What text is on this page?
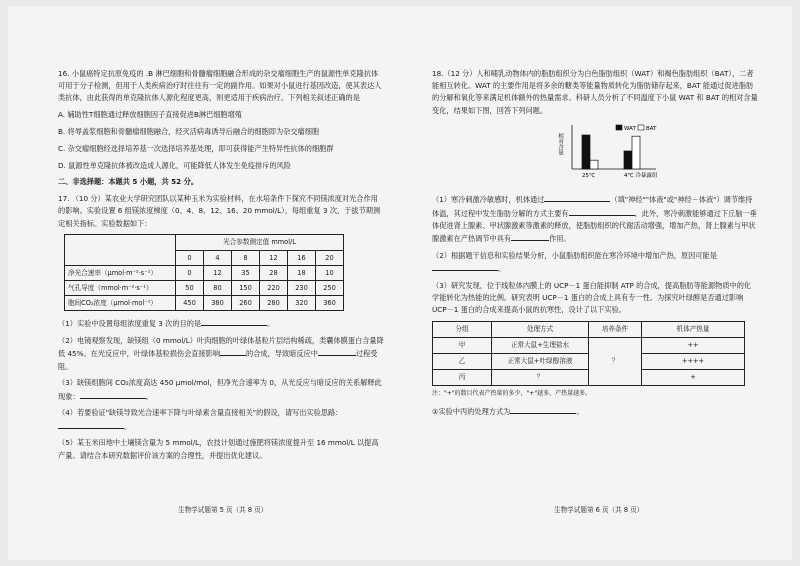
16. 小鼠癌特定抗原免疫的 .B 淋巴细胞和骨髓瘤细胞融合形成的杂交瘤细胞生产的鼠源性单克隆抗体可用于分子检测，但用于人类疾病治疗时往往有一定的副作用。如果对小鼠进行基因改造，使其表达人类抗体，由此获得的单克隆抗体人源化程度更高，则更适用于疾病治疗。下列相关叙述正确的是

A. 辅助性T细胞通过释放细胞因子直接促进B淋巴细胞增殖

B. 将辱盖浆细胞和骨髓瘤细胞融合，经灭活病毒诱导后融合的细胞即为杂交瘤细胞

C. 杂交瘤细胞经选择培养基一次选择培养基处理，即可获得能产生特异性抗体的细胞群

D. 鼠源性单克隆抗体被改造成人源化，可能降低人体发生免疫排斥的风险

二、非选择题：本题共 5 小题，共 52 分。

17. （10 分）某农业大学研究团队以某种玉米为实验材料，在水培条件下探究不同镁浓度对光合作用的影响。实验设置 6 组镁浓度梯度（0、4、8、12、16、20 mmol/L），每组重复 3 次，于拔节期测定相关指标。实验数据如下：

	光合参数测定值 mmol/L					
	0	4	8	12	16	20
净光合速率（μmol·m⁻²·s⁻¹）	0	12	35	28	18	10
气孔导度（mmol·m⁻²·s⁻¹）	50	80	150	220	230	250
胞间CO₂浓度（μmol·mol⁻¹）	450	380	260	280	320	360

（1）实验中设置每组浓度重复 3 次的目的是	。

（2）电镜观察发现，缺镁组（0 mmol/L）叶肉细胞的叶绿体基粒片层结构稀疏，类囊体膜蛋白含量降低 45%。在光反应中，叶绿体基粒损伤会直接影响	的合成，导致暗反应中	过程受阻。

（3）缺镁组胞间 CO₂浓度高达 450 μmol/mol，但净光合速率为 0，从光反应与暗反应的关系解释此现象：	。

（4）若要验证"缺镁导致光合速率下降与叶绿素含量直接相关"的假设，请写出实验思路：。

（5）某玉米田地中土壤镁含量为 5 mmol/L，农技计划通过施肥将镁浓度提升至 16 mmol/L 以提高产量。请结合本研究数据评价该方案的合理性，并提出优化建议。

生物学试题第 5 页（共 8 页）

18.（12 分）人和哺乳动物体内的脂肪组织分为白色脂肪组织（WAT）和褐色脂肪组织（BAT），二者能相互转化。WAT 的主要作用是将多余的糖类等能量物质转化为脂肪储存起来，BAT 能通过促进脂肪的分解和氧化等来满足机体额外的热量需求。科研人员分析了不同温度下小鼠 WAT 和 BAT 的相对含量变化，结果如下图，回答下列问题。

相对含量
25℃	4℃ 冷暴露组
WAT BAT

（1）寒冷刺激冷敏感时，机体通过	（填"神经""体液"或"神经－体液"）调节维持体温，其过程中发生脂肪分解的方式主要有	。此外，寒冷刺激能够通过下丘脑一垂体促进肾上腺素、甲状腺激素等激素的释放，使脂肪组织的代谢活动增强，增加产热，肾上腺素与甲状腺激素在产热调节中具有	作用。

（2）根据题干信息和实验结果分析，小鼠脂肪组织能在寒冷环境中增加产热，原因可能是。

（3）研究发现，位于线粒体内膜上的 UCP－1 蛋白能抑制 ATP 的合成，提高脂肪等能源物质中的化学能转化为热能的比例。研究表明 UCP－1 蛋白的合成上具有专一性。为探究叶绿醇是否通过影响 UCP－1 蛋白的合成来提高小鼠的抗寒性，设计了以下实验。

分组	处理方式	培养条件	机体产热量
甲	正常大鼠+生理盐水	？	++
乙	正常大鼠+叶绿醇溶液		++++
丙	？		+

注："+"的数目代表产热量的多少，"+"越多，产热量越多。

①实验中丙的处理方式为	。

生物学试题第 6 页（共 8 页）
